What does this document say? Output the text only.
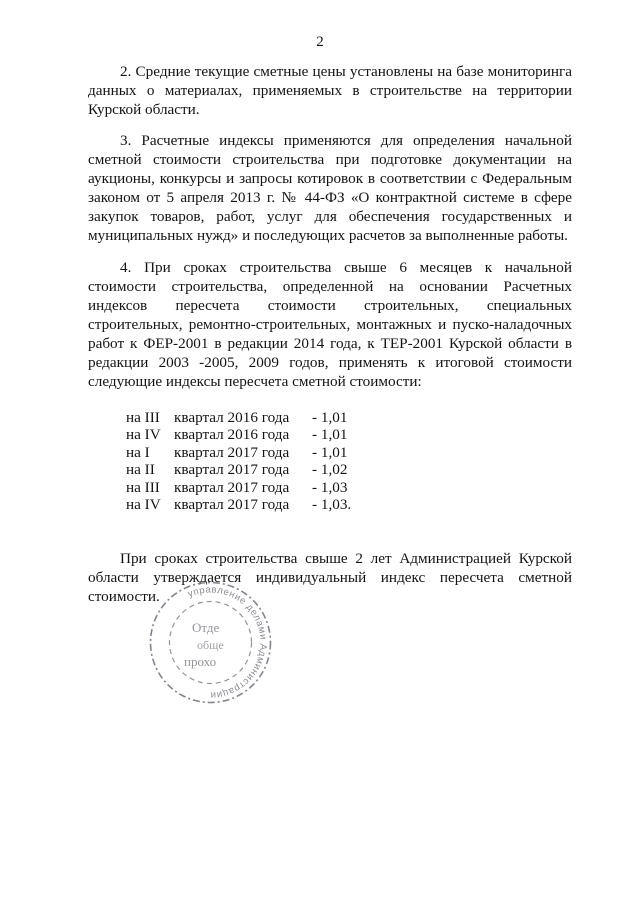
2

2. Средние текущие сметные цены установлены на базе мониторинга данных о материалах, применяемых в строительстве на территории Курской области.

3. Расчетные индексы применяются для определения начальной сметной стоимости строительства при подготовке документации на аукционы, конкурсы и запросы котировок в соответствии с Федеральным законом от 5 апреля 2013 г. № 44-ФЗ «О контрактной системе в сфере закупок товаров, работ, услуг для обеспечения государственных и муниципальных нужд» и последующих расчетов за выполненные работы.

4. При сроках строительства свыше 6 месяцев к начальной стоимости строительства, определенной на основании Расчетных индексов пересчета стоимости строительных, специальных строительных, ремонтно-строительных, монтажных и пуско-наладочных работ к ФЕР-2001 в редакции 2014 года, к ТЕР-2001 Курской области в редакции 2003 -2005, 2009 годов, применять к итоговой стоимости следующие индексы пересчета сметной стоимости:

на III	квартал 2016 года	- 1,01
на IV	квартал 2016 года	- 1,01
на I	квартал 2017 года	- 1,01
на II	квартал 2017 года	- 1,02
на III	квартал 2017 года	- 1,03
на IV	квартал 2017 года	- 1,03.

При сроках строительства свыше 2 лет Администрацией Курской области утверждается индивидуальный индекс пересчета сметной стоимости.	управление делами Администрации
Отде
обще
прохо
